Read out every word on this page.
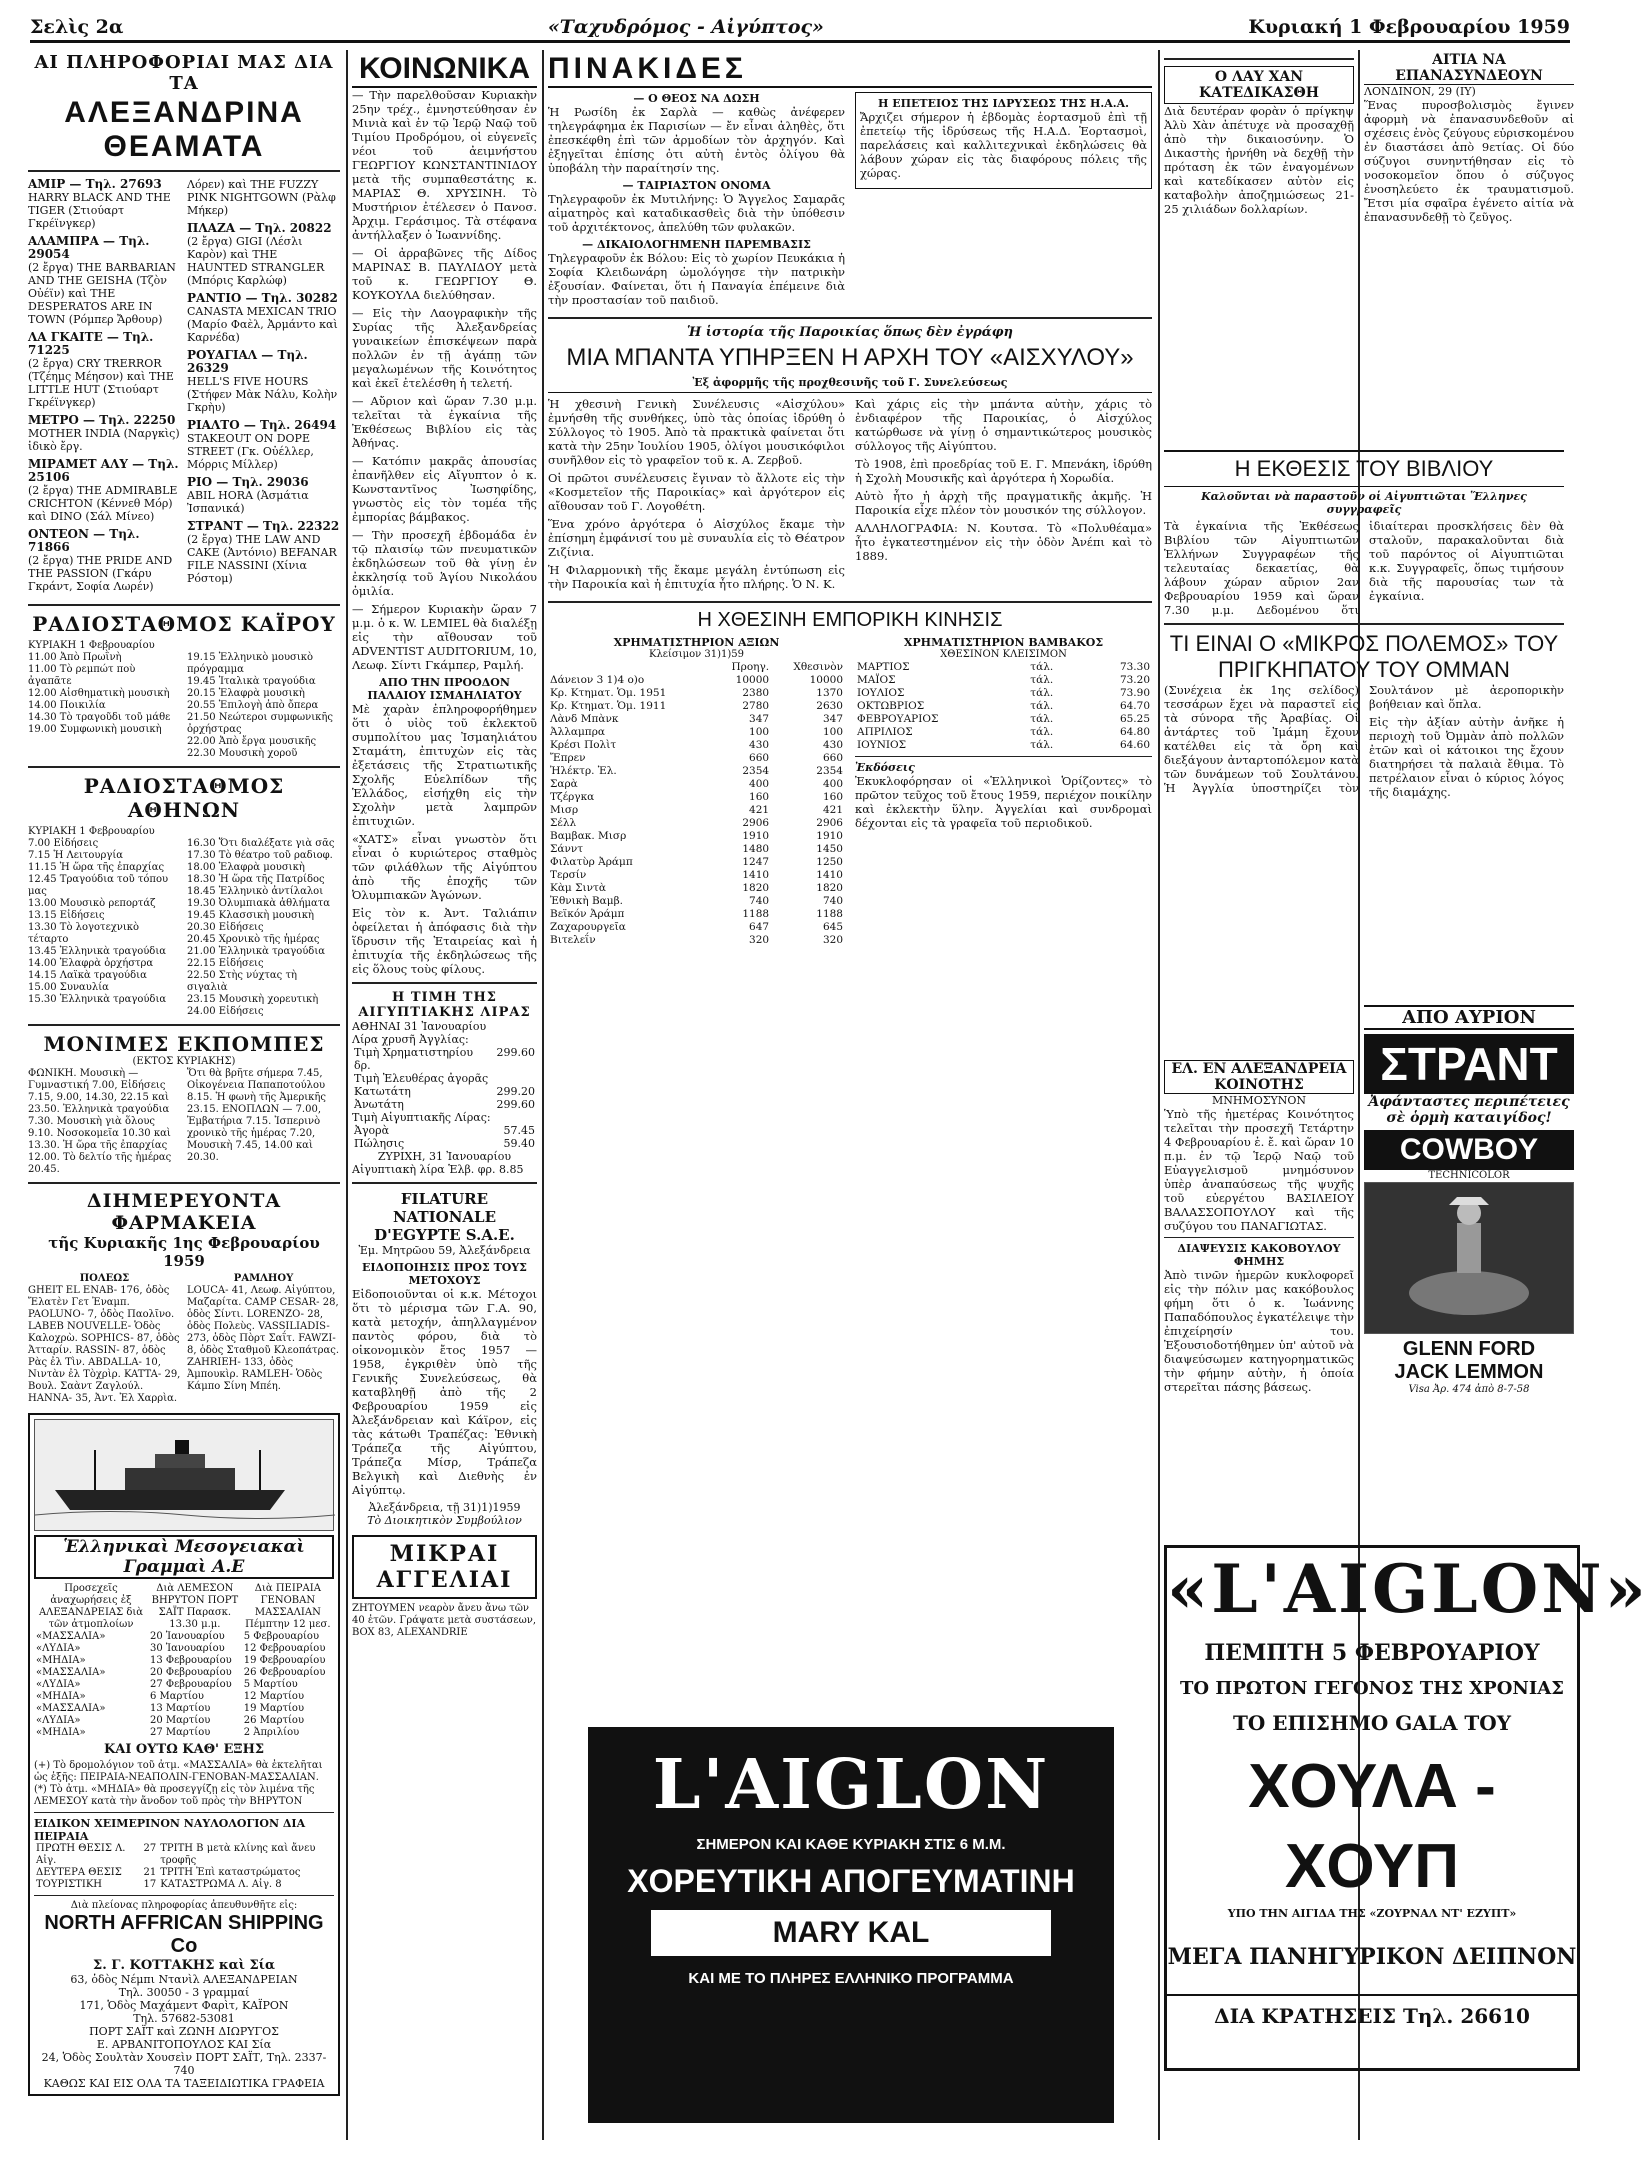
Σελὶς 2α	«Ταχυδρόμος - Αἰγύπτος»	Κυριακή 1 Φεβρουαρίου 1959
ΑΙ ΠΛΗΡΟΦΟΡΙΑΙ ΜΑΣ ΔΙΑ ΤΑ
ΑΛΕΞΑΝΔΡΙΝΑ ΘΕΑΜΑΤΑ
ΑΜΙΡ — Τηλ. 27693
HARRY BLACK AND THE TIGER (Στιούαρτ Γκρέϊνγκερ)
ΑΛΑΜΠΡΑ — Τηλ. 29054
(2 ἔργα) THE BARBARIAN AND THE GEISHA (Τζὸν Οὐέϊν) καὶ THE DESPERATOS ARE IN TOWN (Ρόμπερ Ἄρθουρ)
ΛΑ ΓΚΑΙΤΕ — Τηλ. 71225
(2 ἔργα) CRY TRERROR (Τζέημς Μέησον) καὶ THE LITTLE HUT (Στιούαρτ Γκρέϊνγκερ)
ΜΕΤΡΟ — Τηλ. 22250
MOTHER INDIA (Ναργκὶς) ἰδικὸ ἔργ.
ΜΙΡΑΜΕΤ ΑΛΥ — Τηλ. 25106
(2 ἔργα) THE ADMIRABLE CRICHTON (Κέννεθ Μόρ) καὶ DINO (Σάλ Μίνεο)
ΟΝΤΕΟΝ — Τηλ. 71866
(2 ἔργα) THE PRIDE AND THE PASSION (Γκάρυ Γκράντ, Σοφία Λωρέν)
Λόρεν) καὶ THE FUZZY PINK NIGHTGOWN (Ρὰλφ Μήκερ)
ΠΛΑΖΑ — Τηλ. 20822
(2 ἔργα) GIGI (Λέσλι Καρὸν) καὶ THE HAUNTED STRANGLER (Μπόρις Καρλώφ)
ΡΑΝΤΙΟ — Τηλ. 30282
CANASTA MEXICAN TRIO (Μαρίο Φαὲλ, Ἀρμάντο καὶ Καρνέδα)
ΡΟΥΑΓΙΑΛ — Τηλ. 26329
HELL'S FIVE HOURS (Στήφεν Μὰκ Νάλυ, Κολὴν Γκρὴυ)
ΡΙΑΛΤΟ — Τηλ. 26494
STAKEOUT ON DOPE STREET (Γκ. Οὐέλλερ, Μόρρις Μίλλερ)
ΡΙΟ — Τηλ. 29036
ABIL HORA (Ἀσμάτια Ἰσπανικά)
ΣΤΡΑΝΤ — Τηλ. 22322
(2 ἔργα) THE LAW AND CAKE (Ἀντόνιο) BEFANAR FILE NASSINI (Χίνια Ρόστομ)
ΡΑΔΙΟΣΤΑΘΜΟΣ ΚΑΪΡΟΥ
ΚΥΡΙΑΚΗ 1 Φεβρουαρίου
11.00 Ἀπὸ Πρωῒνὴ
11.00 Τὸ ρεμπώτ ποὺ ἀγαπᾶτε
12.00 Αἰσθηματικὴ μουσικὴ
14.00 Ποικιλία
14.30 Τὸ τραγοῦδι τοῦ μάθε
19.00 Συμφωνικὴ μουσικὴ
19.15 Ἐλληνικὸ μουσικὸ πρόγραμμα
19.45 Ἰταλικὰ τραγούδια
20.15 Ἐλαφρὰ μουσικὴ
20.55 Ἐπιλογὴ ἀπὸ ὄπερα
21.50 Νεώτεροι συμφωνικῆς ὀρχήστρας
22.00 Ἀπὸ ἔργα μουσικῆς
22.30 Μουσικὴ χοροῦ
ΡΑΔΙΟΣΤΑΘΜΟΣ ΑΘΗΝΩΝ
ΚΥΡΙΑΚΗ 1 Φεβρουαρίου
7.00 Εἰδήσεις
7.15 Ἡ Λειτουργία
11.15 Ἡ ὥρα τῆς ἐπαρχίας
12.45 Τραγούδια τοῦ τόπου μας
13.00 Μουσικὸ ρεπορτάζ
13.15 Εἰδήσεις
13.30 Τὸ λογοτεχνικὸ τέταρτο
13.45 Ἑλληνικὰ τραγούδια
14.00 Ἐλαφρὰ ὀρχήστρα
14.15 Λαϊκὰ τραγούδια
15.00 Συναυλία
15.30 Ἐλληνικὰ τραγούδια
16.30 Ὅτι διαλέξατε γιὰ σᾶς
17.30 Τὸ θέατρο τοῦ ραδιοφ.
18.00 Ἐλαφρὰ μουσικὴ
18.30 Ἡ ὥρα τῆς Πατρίδος
18.45 Ἐλληνικὸ ἀντίλαλοι
19.30 Ὀλυμπιακὰ ἀθλήματα
19.45 Κλασσικὴ μουσικὴ
20.30 Εἰδήσεις
20.45 Χρονικὸ τῆς ἡμέρας
21.00 Ἑλληνικὰ τραγούδια
22.15 Εἰδήσεις
22.50 Στὴς νύχτας τὴ σιγαλιὰ
23.15 Μουσικὴ χορευτικὴ
24.00 Εἰδήσεις
ΜΟΝΙΜΕΣ ΕΚΠΟΜΠΕΣ
(ΕΚΤΟΣ ΚΥΡΙΑΚΗΣ)
ΦΩΝΙΚΗ. Μουσικὴ — Γυμναστική 7.00, Εἰδήσεις 7.15, 9.00, 14.30, 22.15 καὶ 23.50. Ἐλληνικὰ τραγούδια 7.30. Μουσικὴ γιὰ ὅλους 9.10. Νοσοκομεῖα 10.30 καὶ 13.30. Ἡ ὥρα τῆς ἐπαρχίας 12.00. Τὸ δελτίο τῆς ἡμέρας 20.45.
Ὅτι θὰ βρῆτε σήμερα 7.45, Οἰκογένεια Παπαποτούλου 8.15. Ἡ φωνὴ τῆς Ἀμερικῆς 23.15. ΕΝΟΠΛΩΝ — 7.00, Ἐμβατήρια 7.15. Ἰσπερινὸ χρονικὸ τῆς ἡμέρας 7.20, Μουσικὴ 7.45, 14.00 καὶ 20.30.
ΔΙΗΜΕΡΕΥΟΝΤΑ ΦΑΡΜΑΚΕΙΑ
τῆς Κυριακῆς 1ης Φεβρουαρίου 1959
ΠΟΛΕΩΣ
GHEIT EL ENAB- 176, ὁδὸς Ἔλατὲν Γετ Ἐναμπ. PAOLUNO- 7, ὁδὸς Παολῖνο. LABEB NOUVELLE- Ὁδὸς Καλοχρὼ. SOPHICS- 87, ὁδὸς Ἀτταρίν. RASSIN- 87, ὁδὸς Ρὰς ἐλ Τὶν. ABDALLA- 10, Νιντὰν ἐλ Τὸχρὶρ. KATTA- 29, Βουλ. Σαὰντ Ζαγλούλ. HANNA- 35, Ἀντ. Ἐλ Χαρρὶα.
ΡΑΜΛΗΟΥ
LOUCA- 41, Λεωφ. Αἰγύπτου, Μαζαρίτα. CAMP CESAR- 28, ὁδὸς Σίντι. LORENZO- 28, ὁδὸς Πολεὺς. VASSILIADIS- 273, ὁδὸς Πὸρτ Σαΐτ. FAWZI- 8, ὁδὸς Σταθμοῦ Κλεοπάτρας. ZAHRIEH- 133, ὁδὸς Ἀμπουκὶρ. RAMLEH- Ὁδὸς Κάμπο Σίνη Μπέη.
Ἑλληνικαὶ Μεσογειακαὶ Γραμμαὶ Α.Ε
Προσεχεῖς ἀναχωρήσεις ἐξ ΑΛΕΞΑΝΔΡΕΙΑΣ διὰ τῶν ἀτμοπλοίων	Διὰ ΛΕΜΕΣΟΝ ΒΗΡΥΤΟΝ ΠΟΡΤ ΣΑΪΤ Παρασκ. 13.30 μ.μ.	Διὰ ΠΕΙΡΑΙΑ ΓΕΝΟΒΑΝ ΜΑΣΣΑΛΙΑΝ Πέμπτην 12 μεσ.
«ΜΑΣΣΑΛΙΑ»	20 Ἰανουαρίου	5 Φεβρουαρίου
«ΛΥΔΙΑ»	30 Ἰανουαρίου	12 Φεβρουαρίου
«ΜΗΔΙΑ»	13 Φεβρουαρίου	19 Φεβρουαρίου
«ΜΑΣΣΑΛΙΑ»	20 Φεβρουαρίου	26 Φεβρουαρίου
«ΛΥΔΙΑ»	27 Φεβρουαρίου	5 Μαρτίου
«ΜΗΔΙΑ»	6 Μαρτίου	12 Μαρτίου
«ΜΑΣΣΑΛΙΑ»	13 Μαρτίου	19 Μαρτίου
«ΛΥΔΙΑ»	20 Μαρτίου	26 Μαρτίου
«ΜΗΔΙΑ»	27 Μαρτίου	2 Ἀπριλίου
ΚΑΙ ΟΥΤΩ ΚΑΘ' ΕΞΗΣ
(+) Τὸ δρομολόγιον τοῦ ἀτμ. «ΜΑΣΣΑΛΙΑ» θὰ ἐκτελῆται ὡς ἑξῆς: ΠΕΙΡΑΙΑ-ΝΕΑΠΟΛΙΝ-ΓΕΝΟΒΑΝ-ΜΑΣΣΑΛΙΑΝ. (*) Τὸ ἀτμ. «ΜΗΔΙΑ» θὰ προσεγγίζῃ εἰς τὸν λιμένα τῆς ΛΕΜΕΣΟΥ κατὰ τὴν ἄνοδον τοῦ πρὸς τὴν ΒΗΡΥΤΟΝ
ΕΙΔΙΚΟΝ ΧΕΙΜΕΡΙΝΟΝ ΝΑΥΛΟΛΟΓΙΟΝ ΔΙΑ ΠΕΙΡΑΙΑ
ΠΡΩΤΗ ΘΕΣΙΣ Λ. Αἰγ.	27	ΤΡΙΤΗ Β μετὰ κλίνης καὶ ἄνευ τροφῆς
ΔΕΥΤΕΡΑ ΘΕΣΙΣ	21	ΤΡΙΤΗ Ἐπὶ καταστρώματος
ΤΟΥΡΙΣΤΙΚΗ	17	ΚΑΤΑΣΤΡΩΜΑ Λ. Αἰγ. 8
Διὰ πλείονας πληροφορίας ἀπευθυνθῆτε εἰς:
NORTH AFFRICAN SHIPPING Co
Σ. Γ. ΚΟΤΤΑΚΗΣ καὶ Σία
63, ὁδὸς Νέμπι Ντανὶλ ΑΛΕΞΑΝΔΡΕΙΑΝ
Τηλ. 30050 - 3 γραμμαί
171, Ὁδὸς Μαχάμεντ Φαρὶτ, ΚΑΪΡΟΝ
Τηλ. 57682-53081
ΠΟΡΤ ΣΑΪΤ καὶ ΖΩΝΗ ΔΙΩΡΥΓΟΣ
Ε. ΑΡΒΑΝΙΤΟΠΟΥΛΟΣ ΚΑΙ Σία
24, Ὁδὸς Σουλτὰν Χουσεὶν ΠΟΡΤ ΣΑΪΤ, Τηλ. 2337-740
ΚΑΘΩΣ ΚΑΙ ΕΙΣ ΟΛΑ ΤΑ ΤΑΞΕΙΔΙΩΤΙΚΑ ΓΡΑΦΕΙΑ
ΚΟΙΝΩΝΙΚΑ

— Τὴν παρελθοῦσαν Κυριακὴν 25ην τρέχ., ἐμνηστεύθησαν ἐν Μινιὰ καὶ ἐν τῷ Ἱερῷ Ναῷ τοῦ Τιμίου Προδρόμου, οἱ εὐγενεῖς νέοι τοῦ ἀειμνήστου ΓΕΩΡΓΙΟΥ ΚΩΝΣΤΑΝΤΙΝΙΔΟΥ μετὰ τῆς συμπαθεστάτης κ. ΜΑΡΙΑΣ Θ. ΧΡΥΣΙΝΗ. Τὸ Μυστήριον ἐτέλεσεν ὁ Πανοσ. Ἀρχιμ. Γεράσιμος. Τὰ στέφανα ἀντήλλαξεν ὁ Ἰωαννίδης.

— Οἱ ἀρραβῶνες τῆς Δίδος ΜΑΡΙΝΑΣ Β. ΠΑΥΛΙΔΟΥ μετὰ τοῦ κ. ΓΕΩΡΓΙΟΥ Θ. ΚΟΥΚΟΥΛΑ διελύθησαν.

— Εἰς τὴν Λαογραφικὴν τῆς Συρίας τῆς Ἀλεξανδρείας γυναικείων ἐπισκέψεων παρὰ πολλῶν ἐν τῇ ἀγάπῃ τῶν μεγαλωμένων τῆς Κοινότητος καὶ ἐκεῖ ἐτελέσθη ἡ τελετή.

— Αὔριον καὶ ὥραν 7.30 μ.μ. τελεῖται τὰ ἐγκαίνια τῆς Ἐκθέσεως Βιβλίου εἰς τὰς Ἀθήνας.

— Κατόπιν μακρᾶς ἀπουσίας ἐπανῆλθεν εἰς Αἴγυπτον ὁ κ. Κωνσταντῖνος Ἰωσηφίδης, γνωστὸς εἰς τὸν τομέα τῆς ἐμπορίας βάμβακος.

— Τὴν προσεχῆ ἑβδομάδα ἐν τῷ πλαισίῳ τῶν πνευματικῶν ἐκδηλώσεων τοῦ θὰ γίνῃ ἐν ἐκκλησίᾳ τοῦ Ἁγίου Νικολάου ὀμιλία.

— Σήμερον Κυριακὴν ὥραν 7 μ.μ. ὁ κ. W. LEMIEL θὰ διαλέξῃ εἰς τὴν αἴθουσαν τοῦ ADVENTIST AUDITORIUM, 10, Λεωφ. Σίντι Γκάμπερ, Ραμλή.

ΑΠΟ ΤΗΝ ΠΡΟΟΔΟΝ ΠΑΛΑΙΟΥ ΙΣΜΑΗΛΙΑΤΟΥ

Μὲ χαρὰν ἐπληροφορήθημεν ὅτι ὁ υἱὸς τοῦ ἐκλεκτοῦ συμπολίτου μας Ἰσμαηλιάτου Σταμάτη, ἐπιτυχὼν εἰς τὰς ἐξετάσεις τῆς Στρατιωτικῆς Σχολῆς Εὐελπίδων τῆς Ἑλλάδος, εἰσήχθη εἰς τὴν Σχολὴν μετὰ λαμπρῶν ἐπιτυχιῶν.

«ΧΑΤΣ» εἶναι γνωστὸν ὅτι εἶναι ὁ κυριώτερος σταθμὸς τῶν φιλάθλων τῆς Αἰγύπτου ἀπὸ τῆς ἐποχῆς τῶν Ὀλυμπιακῶν Ἀγώνων.

Εἰς τὸν κ. Ἀντ. Ταλιάπιν ὀφείλεται ἡ ἀπόφασις διὰ τὴν ἵδρυσιν τῆς Ἑταιρείας καὶ ἡ ἐπιτυχία τῆς ἐκδηλώσεως τῆς εἰς ὅλους τοὺς φίλους.

Η ΤΙΜΗ ΤΗΣ ΑΙΓΥΠΤΙΑΚΗΣ ΛΙΡΑΣ
ΑΘΗΝΑΙ 31 Ἰανουαρίου
Λίρα χρυσῆ Ἀγγλίας:
Τιμὴ Χρηματιστηρίου δρ.	299.60
Τιμὴ Ἐλευθέρας ἀγορᾶς	
Κατωτάτη	299.20
Ἀνωτάτη	299.60
Τιμὴ Αἰγυπτιακῆς Λίρας:
Ἀγορὰ	57.45
Πώλησις	59.40
ΖΥΡΙΧΗ, 31 Ἰανουαρίου
Αἰγυπτιακὴ λίρα Ἑλβ. φρ. 8.85
FILATURE NATIONALE D'EGYPTE S.A.E.
Ἐμ. Μητρῶου 59, Ἀλεξάνδρεια
ΕΙΔΟΠΟΙΗΣΙΣ ΠΡΟΣ ΤΟΥΣ ΜΕΤΟΧΟΥΣ

Εἰδοποιοῦνται οἱ κ.κ. Μέτοχοι ὅτι τὸ μέρισμα τῶν Γ.Α. 90, κατὰ μετοχήν, ἀπηλλαγμένον παντὸς φόρου, διὰ τὸ οἰκονομικὸν ἔτος 1957 — 1958, ἐγκριθὲν ὑπὸ τῆς Γενικῆς Συνελεύσεως, θὰ καταβληθῇ ἀπὸ τῆς 2 Φεβρουαρίου 1959 εἰς Ἀλεξάνδρειαν καὶ Κάϊρον, εἰς τὰς κάτωθι Τραπέζας: Ἐθνικὴ Τράπεζα τῆς Αἰγύπτου, Τράπεζα Μίσρ, Τράπεζα Βελγικὴ καὶ Διεθνὴς ἐν Αἰγύπτῳ.

Ἀλεξάνδρεια, τῇ 31)1)1959
Τὸ Διοικητικὸν Συμβούλιον
ΜΙΚΡΑΙ ΑΓΓΕΛΙΑΙ
ΖΗΤΟΥΜΕΝ νεαρὸν ἄνευ ἄνω τῶν 40 ἐτῶν. Γράψατε μετὰ συστάσεων, BOX 83, ALEXANDRIE
ΠΙΝΑΚΙΔΕΣ
— Ο ΘΕΟΣ ΝΑ ΔΩΣΗ

Ἡ Ρωσίδη ἐκ Σαρλὰ — καθὼς ἀνέφερεν τηλεγράφημα ἐκ Παρισίων — ἔν εἶναι ἀληθὲς, ὅτι ἐπεσκέφθη ἐπὶ τῶν ἀρμοδίων τὸν ἀρχηγόν. Καὶ ἐξηγεῖται ἐπίσης ὁτι αὐτὴ ἐντὸς ὀλίγου θὰ ὑποβάλη τὴν παραίτησίν της.

— ΤΑΙΡΙΑΣΤΟΝ ΟΝΟΜΑ

Τηλεγραφοῦν ἐκ Μυτιλήνης: Ὁ Ἄγγελος Σαμαρᾶς αἱματηρὸς καὶ καταδικασθεὶς διὰ τὴν ὑπόθεσιν τοῦ ἀρχιτέκτονος, ἀπελύθη τῶν φυλακῶν.

— ΔΙΚΑΙΟΛΟΓΗΜΕΝΗ ΠΑΡΕΜΒΑΣΙΣ

Τηλεγραφοῦν ἐκ Βόλου: Εἰς τὸ χωρίον Πευκάκια ἡ Σοφία Κλειδωνάρη ὡμολόγησε τὴν πατρικὴν ἐξουσίαν. Φαίνεται, ὅτι ἡ Παναγία ἐπέμεινε διὰ τὴν προστασίαν τοῦ παιδιοῦ.

Η ΕΠΕΤΕΙΟΣ ΤΗΣ ΙΔΡΥΣΕΩΣ ΤΗΣ Η.Α.Α.

Ἄρχιζει σήμερον ἡ ἑβδομὰς ἑορτασμοῦ ἐπὶ τῇ ἐπετείῳ τῆς ἱδρύσεως τῆς Η.Α.Δ. Ἑορτασμοὶ, παρελάσεις καὶ καλλιτεχνικαὶ ἐκδηλώσεις θὰ λάβουν χώραν εἰς τὰς διαφόρους πόλεις τῆς χώρας.

Ἡ ἱστορία τῆς Παροικίας ὅπως δὲν ἐγράφη
ΜΙΑ ΜΠΑΝΤΑ ΥΠΗΡΞΕΝ Η ΑΡΧΗ ΤΟΥ «ΑΙΣΧΥΛΟΥ»
Ἐξ ἀφορμῆς τῆς προχθεσινῆς τοῦ Γ. Συνελεύσεως

Ἡ χθεσινὴ Γενικὴ Συνέλευσις «Αἰσχύλου» ἐμνήσθη τῆς συνθήκες, ὑπὸ τὰς ὁποίας ἱδρύθη ὁ Σύλλογος τὸ 1905. Ἀπὸ τὰ πρακτικὰ φαίνεται ὅτι κατὰ τὴν 25ην Ἰουλίου 1905, ὀλίγοι μουσικόφιλοι συνῆλθον εἰς τὸ γραφεῖον τοῦ κ. Α. Ζερβοῦ.

Οἱ πρῶτοι συνέλευσεις ἔγιναν τὸ ἄλλοτε εἰς τὴν «Κοσμετεῖον τῆς Παροικίας» καὶ ἀργότερον εἰς αἴθουσαν τοῦ Γ. Λογοθέτη.

Ἕνα χρόνο ἀργότερα ὁ Αἰσχύλος ἔκαμε τὴν ἐπίσημη ἐμφάνισί του μὲ συναυλία εἰς τὸ Θέατρον Ζιζίνια.

Ἡ Φιλαρμονικὴ τῆς ἔκαμε μεγάλη ἐντύπωση εἰς τὴν Παροικία καὶ ἡ ἐπιτυχία ἦτο πλήρης. Ὁ Ν. Κ.

Καὶ χάρις εἰς τὴν μπάντα αὐτὴν, χάρις τὸ ἐνδιαφέρον τῆς Παροικίας, ὁ Αἰσχύλος κατώρθωσε νὰ γίνῃ ὁ σημαντικώτερος μουσικὸς σύλλογος τῆς Αἰγύπτου.

Τὸ 1908, ἐπὶ προεδρίας τοῦ Ε. Γ. Μπενάκη, ἱδρύθη ἡ Σχολὴ Μουσικῆς καὶ ἀργότερα ἡ Χορωδία.

Αὐτὸ ἦτο ἡ ἀρχὴ τῆς πραγματικῆς ἀκμῆς. Ἡ Παροικία εἶχε πλέον τὸν μουσικόν της σύλλογον.

ΑΛΛΗΛΟΓΡΑΦΙΑ: Ν. Κουτσα. Τὸ «Πολυθέαμα» ἦτο ἐγκατεστημένον εἰς τὴν ὁδὸν Ἀνέπι καὶ τὸ 1889.

Η ΧΘΕΣΙΝΗ ΕΜΠΟΡΙΚΗ ΚΙΝΗΣΙΣ
ΧΡΗΜΑΤΙΣΤΗΡΙΟΝ ΑΞΙΩΝ
Κλείσιμον 31)1)59
	Προηγ.	Χθεσινὸν
Δάνειον 3 1)4 ο)ο	10000	10000
Κρ. Κτηματ. Ὁμ. 1951	2380	1370
Κρ. Κτηματ. Ὁμ. 1911	2780	2630
Λὰνδ Μπὰνκ	347	347
Ἀλλαμπρα	100	100
Κρέσι Πολὶτ	430	430
Ἔπρεν	660	660
Ἠλέκτρ. Ἐλ.	2354	2354
Σαρὰ	400	400
Τζέργκα	160	160
Μισρ	421	421
Σέλλ	2906	2906
Βαμβακ. Μισρ	1910	1910
Σάνντ	1480	1450
Φιλατὺρ Ἀράμπ	1247	1250
Τερσίν	1410	1410
Κὰμ Σιντὰ	1820	1820
Ἐθνικὴ Βαμβ.	740	740
Βεϊκόν Ἀράμπ	1188	1188
Ζαχαρουργεῖα	647	645
Βιτελεΐν	320	320
ΧΡΗΜΑΤΙΣΤΗΡΙΟΝ ΒΑΜΒΑΚΟΣ
ΧΘΕΣΙΝΟΝ ΚΛΕΙΣΙΜΟΝ
ΜΑΡΤΙΟΣ	τάλ.	73.30
ΜΑΪΟΣ	τάλ.	73.20
ΙΟΥΛΙΟΣ	τάλ.	73.90
ΟΚΤΩΒΡΙΟΣ	τάλ.	64.70
ΦΕΒΡΟΥΑΡΙΟΣ	τάλ.	65.25
ΑΠΡΙΛΙΟΣ	τάλ.	64.80
ΙΟΥΝΙΟΣ	τάλ.	64.60
Ἐκδόσεις

Ἐκυκλοφόρησαν οἱ «Ἑλληνικοὶ Ὁρίζοντες» τὸ πρῶτον τεῦχος τοῦ ἔτους 1959, περιέχον ποικίλην καὶ ἐκλεκτὴν ὕλην. Ἀγγελίαι καὶ συνδρομαὶ δέχονται εἰς τὰ γραφεῖα τοῦ περιοδικοῦ.

L'AIGLON
ΣΗΜΕΡΟΝ ΚΑΙ ΚΑΘΕ ΚΥΡΙΑΚΗ ΣΤΙΣ 6 Μ.Μ.
ΧΟΡΕΥΤΙΚΗ ΑΠΟΓΕΥΜΑΤΙΝΗ
MARY KAL
ΚΑΙ ΜΕ ΤΟ ΠΛΗΡΕΣ ΕΛΛΗΝΙΚΟ ΠΡΟΓΡΑΜΜΑ
Ο ΛΑΥ ΧΑΝ ΚΑΤΕΔΙΚΑΣΘΗ

Διὰ δευτέραν φορὰν ὁ πρίγκηψ Ἀλὺ Χὰν ἀπέτυχε νὰ προσαχθῇ ἀπὸ τὴν δικαιοσύνην. Ὁ Δικαστὴς ἠρνήθη νὰ δεχθῇ τὴν πρόταση ἐκ τῶν ἐναγομένων καὶ κατεδίκασεν αὐτὸν εἰς καταβολὴν ἀποζημιώσεως 21-25 χιλιάδων δολλαρίων.

Η ΕΚΘΕΣΙΣ ΤΟΥ ΒΙΒΛΙΟΥ
Καλοῦνται νὰ παραστοῦν οἱ Αἰγυπτιῶται Ἕλληνες συγγραφεῖς

Τὰ ἐγκαίνια τῆς Ἐκθέσεως Βιβλίου τῶν Αἰγυπτιωτῶν Ἑλλήνων Συγγραφέων τῆς τελευταίας δεκαετίας, θὰ λάβουν χώραν αὔριον 2αν Φεβρουαρίου 1959 καὶ ὥραν 7.30 μ.μ. Δεδομένου ὅτι ἰδιαίτεραι προσκλήσεις δὲν θὰ σταλοῦν, παρακαλοῦνται διὰ τοῦ παρόντος οἱ Αἰγυπτιῶται κ.κ. Συγγραφεῖς, ὅπως τιμήσουν διὰ τῆς παρουσίας των τὰ ἐγκαίνια.

ΤΙ ΕΙΝΑΙ Ο «ΜΙΚΡΟΣ ΠΟΛΕΜΟΣ» ΤΟΥ ΠΡΙΓΚΗΠΑΤΟΥ ΤΟΥ ΟΜΜΑΝ

(Συνέχεια ἐκ 1ης σελίδος) τεσσάρων ἔχει νὰ παραστεῖ εἰς τὰ σύνορα τῆς Ἀραβίας. Οἱ ἀντάρτες τοῦ Ἰμάμη ἔχουν κατέλθει εἰς τὰ ὄρη καὶ διεξάγουν ἀνταρτοπόλεμον κατὰ τῶν δυνάμεων τοῦ Σουλτάνου. Ἡ Ἀγγλία ὑποστηρίζει τὸν Σουλτάνον μὲ ἀεροπορικὴν βοήθειαν καὶ ὅπλα.

Εἰς τὴν ἀξίαν αὐτὴν ἀνῆκε ἡ περιοχὴ τοῦ Ὀμμὰν ἀπὸ πολλῶν ἐτῶν καὶ οἱ κάτοικοι της ἔχουν διατηρήσει τὰ παλαιὰ ἔθιμα. Τὸ πετρέλαιον εἶναι ὁ κύριος λόγος τῆς διαμάχης.

ΕΛ. ΕΝ ΑΛΕΞΑΝΔΡΕΙΑ ΚΟΙΝΟΤΗΣ
ΜΝΗΜΟΣΥΝΟΝ

Ὑπὸ τῆς ἡμετέρας Κοινότητος τελεῖται τὴν προσεχῆ Τετάρτην 4 Φεβρουαρίου ἐ. ἔ. καὶ ὥραν 10 π.μ. ἐν τῷ Ἱερῷ Ναῷ τοῦ Εὐαγγελισμοῦ μνημόσυνον ὑπὲρ ἀναπαύσεως τῆς ψυχῆς τοῦ εὐεργέτου ΒΑΣΙΛΕΙΟΥ ΒΑΛΑΣΣΟΠΟΥΛΟΥ καὶ τῆς συζύγου του ΠΑΝΑΓΙΩΤΑΣ.

ΔΙΑΨΕΥΣΙΣ ΚΑΚΟΒΟΥΛΟΥ ΦΗΜΗΣ

Ἀπὸ τινῶν ἡμερῶν κυκλοφορεῖ εἰς τὴν πόλιν μας κακόβουλος φήμη ὅτι ὁ κ. Ἰωάννης Παπαδόπουλος ἐγκατέλειψε τὴν ἐπιχείρησίν του. Ἐξουσιοδοτήθημεν ὑπ' αὐτοῦ νὰ διαψεύσωμεν κατηγορηματικῶς τὴν φήμην αὐτὴν, ἡ ὁποία στερεῖται πάσης βάσεως.

ΑΙΤΙΑ ΝΑ ΕΠΑΝΑΣΥΝΔΕΟΥΝ
ΛΟΝΔΙΝΟΝ, 29 (ΙΥ)

Ἕνας πυροσβολισμὸς ἔγινεν ἀφορμὴ νὰ ἐπανασυνδεθοῦν αἱ σχέσεις ἑνὸς ζεύγους εὐρισκομένου ἐν διαστάσει ἀπὸ 9ετίας. Οἱ δύο σύζυγοι συνηντήθησαν εἰς τὸ νοσοκομεῖον ὅπου ὁ σύζυγος ἐνοσηλεύετο ἐκ τραυματισμοῦ. Ἔτσι μία σφαῖρα ἐγένετο αἰτία νὰ ἐπανασυνδεθῇ τὸ ζεῦγος.

ΑΠΟ ΑΥΡΙΟΝ
ΣΤΡΑΝΤ
Ἀφάνταστες περιπέτειες σὲ ὁρμὴ καταιγίδος!
COWBOY
TECHNICOLOR
GLENN FORD
JACK LEMMON
Visa Ἀρ. 474 ἀπὸ 8-7-58
«L'AIGLON»
ΠΕΜΠΤΗ 5 ΦΕΒΡΟΥΑΡΙΟΥ
ΤΟ ΠΡΩΤΟΝ ΓΕΓΟΝΟΣ ΤΗΣ ΧΡΟΝΙΑΣ
ΤΟ ΕΠΙΣΗΜΟ GALA ΤΟΥ
ΧΟΥΛΑ - ΧΟΥΠ
ΥΠΟ ΤΗΝ ΑΙΓΙΔΑ ΤΗΣ «ΖΟΥΡΝΑΛ ΝΤ' ΕΖΥΠΤ»
ΜΕΓΑ ΠΑΝΗΓΥΡΙΚΟΝ ΔΕΙΠΝΟΝ
ΔΙΑ ΚΡΑΤΗΣΕΙΣ Τηλ. 26610
